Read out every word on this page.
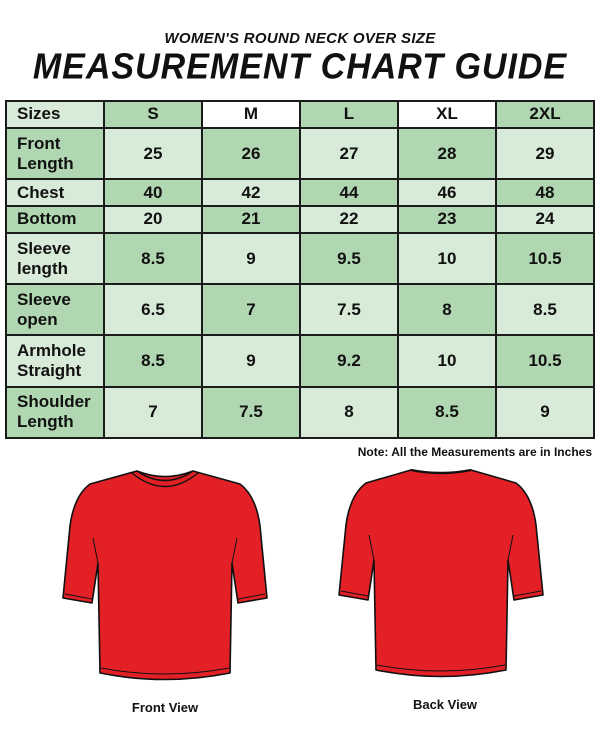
WOMEN'S ROUND NECK OVER SIZE
MEASUREMENT CHART GUIDE
Sizes	S	M	L	XL	2XL
Front Length	25	26	27	28	29
Chest	40	42	44	46	48
Bottom	20	21	22	23	24
Sleeve length	8.5	9	9.5	10	10.5
Sleeve open	6.5	7	7.5	8	8.5
Armhole Straight	8.5	9	9.2	10	10.5
Shoulder Length	7	7.5	8	8.5	9
Note: All the Measurements are in Inches
Front View	Back View
